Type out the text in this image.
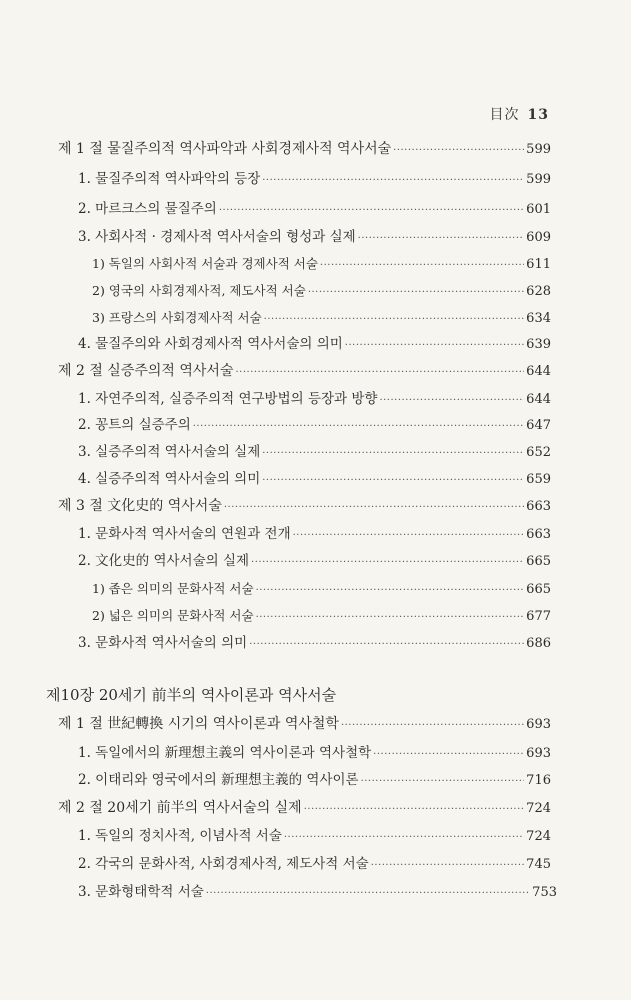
目次 13
제 1 절 물질주의적 역사파악과 사회경제사적 역사서술 ·····	599
1. 물질주의적 역사파악의 등장 ·····	599
2. 마르크스의 물질주의 ·····	601
3. 사회사적 · 경제사적 역사서술의 형성과 실제 ·····	609
1) 독일의 사회사적 서술과 경제사적 서술 ·····	611
2) 영국의 사회경제사적, 제도사적 서술 ·····	628
3) 프랑스의 사회경제사적 서술 ·····	634
4. 물질주의와 사회경제사적 역사서술의 의미 ·····	639
제 2 절 실증주의적 역사서술 ·····	644
1. 자연주의적, 실증주의적 연구방법의 등장과 방향 ·····	644
2. 꽁트의 실증주의 ·····	647
3. 실증주의적 역사서술의 실제 ·····	652
4. 실증주의적 역사서술의 의미 ·····	659
제 3 절 文化史的 역사서술 ·····	663
1. 문화사적 역사서술의 연원과 전개 ·····	663
2. 文化史的 역사서술의 실제 ·····	665
1) 좁은 의미의 문화사적 서술 ·····	665
2) 넓은 의미의 문화사적 서술 ·····	677
3. 문화사적 역사서술의 의미 ·····	686
제10장 20세기 前半의 역사이론과 역사서술
제 1 절 世紀轉換 시기의 역사이론과 역사철학 ·····	693
1. 독일에서의 新理想主義의 역사이론과 역사철학 ·····	693
2. 이태리와 영국에서의 新理想主義的 역사이론 ·····	716
제 2 절 20세기 前半의 역사서술의 실제 ·····	724
1. 독일의 정치사적, 이념사적 서술 ·····	724
2. 각국의 문화사적, 사회경제사적, 제도사적 서술 ·····	745
3. 문화형태학적 서술 ·····	753
